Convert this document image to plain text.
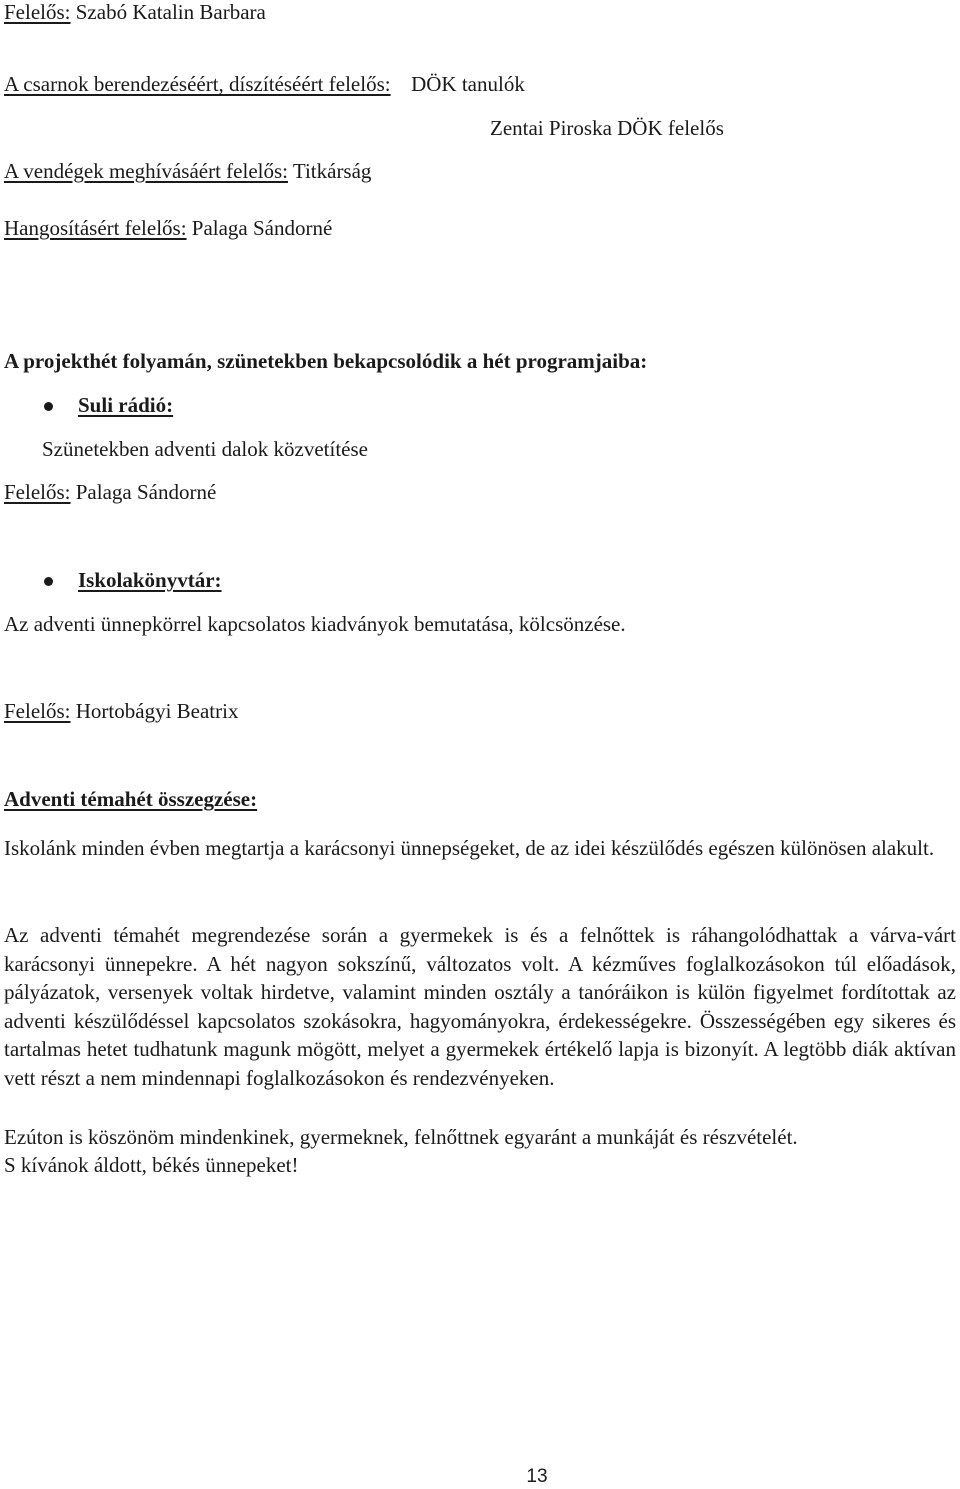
Felelős: Szabó Katalin Barbara
A csarnok berendezéséért, díszítéséért felelős: DÖK tanulók
Zentai Piroska DÖK felelős
A vendégek meghívásáért felelős: Titkárság
Hangosításért felelős: Palaga Sándorné
A projekthét folyamán, szünetekben bekapcsolódik a hét programjaiba:
Suli rádió:
Szünetekben adventi dalok közvetítése
Felelős: Palaga Sándorné
Iskolakönyvtár:
Az adventi ünnepkörrel kapcsolatos kiadványok bemutatása, kölcsönzése.
Felelős: Hortobágyi Beatrix
Adventi témahét összegzése:
Iskolánk minden évben megtartja a karácsonyi ünnepségeket, de az idei készülődés egészen különösen alakult.
Az adventi témahét megrendezése során a gyermekek is és a felnőttek is ráhangolódhattak a várva-várt karácsonyi ünnepekre. A hét nagyon sokszínű, változatos volt. A kézműves foglalkozásokon túl előadások, pályázatok, versenyek voltak hirdetve, valamint minden osztály a tanóráikon is külön figyelmet fordítottak az adventi készülődéssel kapcsolatos szokásokra, hagyományokra, érdekességekre. Összességében egy sikeres és tartalmas hetet tudhatunk magunk mögött, melyet a gyermekek értékelő lapja is bizonyít. A legtöbb diák aktívan vett részt a nem mindennapi foglalkozásokon és rendezvényeken.
Ezúton is köszönöm mindenkinek, gyermeknek, felnőttnek egyaránt a munkáját és részvételét.
S kívánok áldott, békés ünnepeket!
13
